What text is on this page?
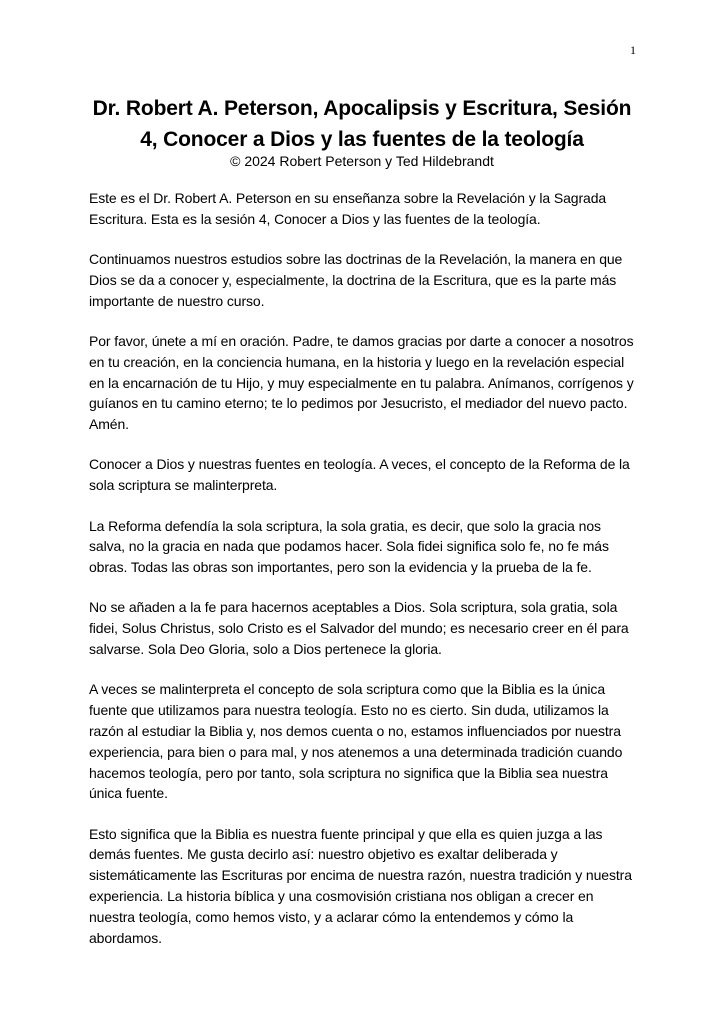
1
Dr. Robert A. Peterson, Apocalipsis y Escritura, Sesión 4, Conocer a Dios y las fuentes de la teología
© 2024 Robert Peterson y Ted Hildebrandt

Este es el Dr. Robert A. Peterson en su enseñanza sobre la Revelación y la Sagrada Escritura. Esta es la sesión 4, Conocer a Dios y las fuentes de la teología.

Continuamos nuestros estudios sobre las doctrinas de la Revelación, la manera en que Dios se da a conocer y, especialmente, la doctrina de la Escritura, que es la parte más importante de nuestro curso.

Por favor, únete a mí en oración. Padre, te damos gracias por darte a conocer a nosotros en tu creación, en la conciencia humana, en la historia y luego en la revelación especial en la encarnación de tu Hijo, y muy especialmente en tu palabra. Anímanos, corrígenos y guíanos en tu camino eterno; te lo pedimos por Jesucristo, el mediador del nuevo pacto. Amén.

Conocer a Dios y nuestras fuentes en teología. A veces, el concepto de la Reforma de la sola scriptura se malinterpreta.

La Reforma defendía la sola scriptura, la sola gratia, es decir, que solo la gracia nos salva, no la gracia en nada que podamos hacer. Sola fidei significa solo fe, no fe más obras. Todas las obras son importantes, pero son la evidencia y la prueba de la fe.

No se añaden a la fe para hacernos aceptables a Dios. Sola scriptura, sola gratia, sola fidei, Solus Christus, solo Cristo es el Salvador del mundo; es necesario creer en él para salvarse. Sola Deo Gloria, solo a Dios pertenece la gloria.

A veces se malinterpreta el concepto de sola scriptura como que la Biblia es la única fuente que utilizamos para nuestra teología. Esto no es cierto. Sin duda, utilizamos la razón al estudiar la Biblia y, nos demos cuenta o no, estamos influenciados por nuestra experiencia, para bien o para mal, y nos atenemos a una determinada tradición cuando hacemos teología, pero por tanto, sola scriptura no significa que la Biblia sea nuestra única fuente.

Esto significa que la Biblia es nuestra fuente principal y que ella es quien juzga a las demás fuentes. Me gusta decirlo así: nuestro objetivo es exaltar deliberada y sistemáticamente las Escrituras por encima de nuestra razón, nuestra tradición y nuestra experiencia. La historia bíblica y una cosmovisión cristiana nos obligan a crecer en nuestra teología, como hemos visto, y a aclarar cómo la entendemos y cómo la abordamos.
